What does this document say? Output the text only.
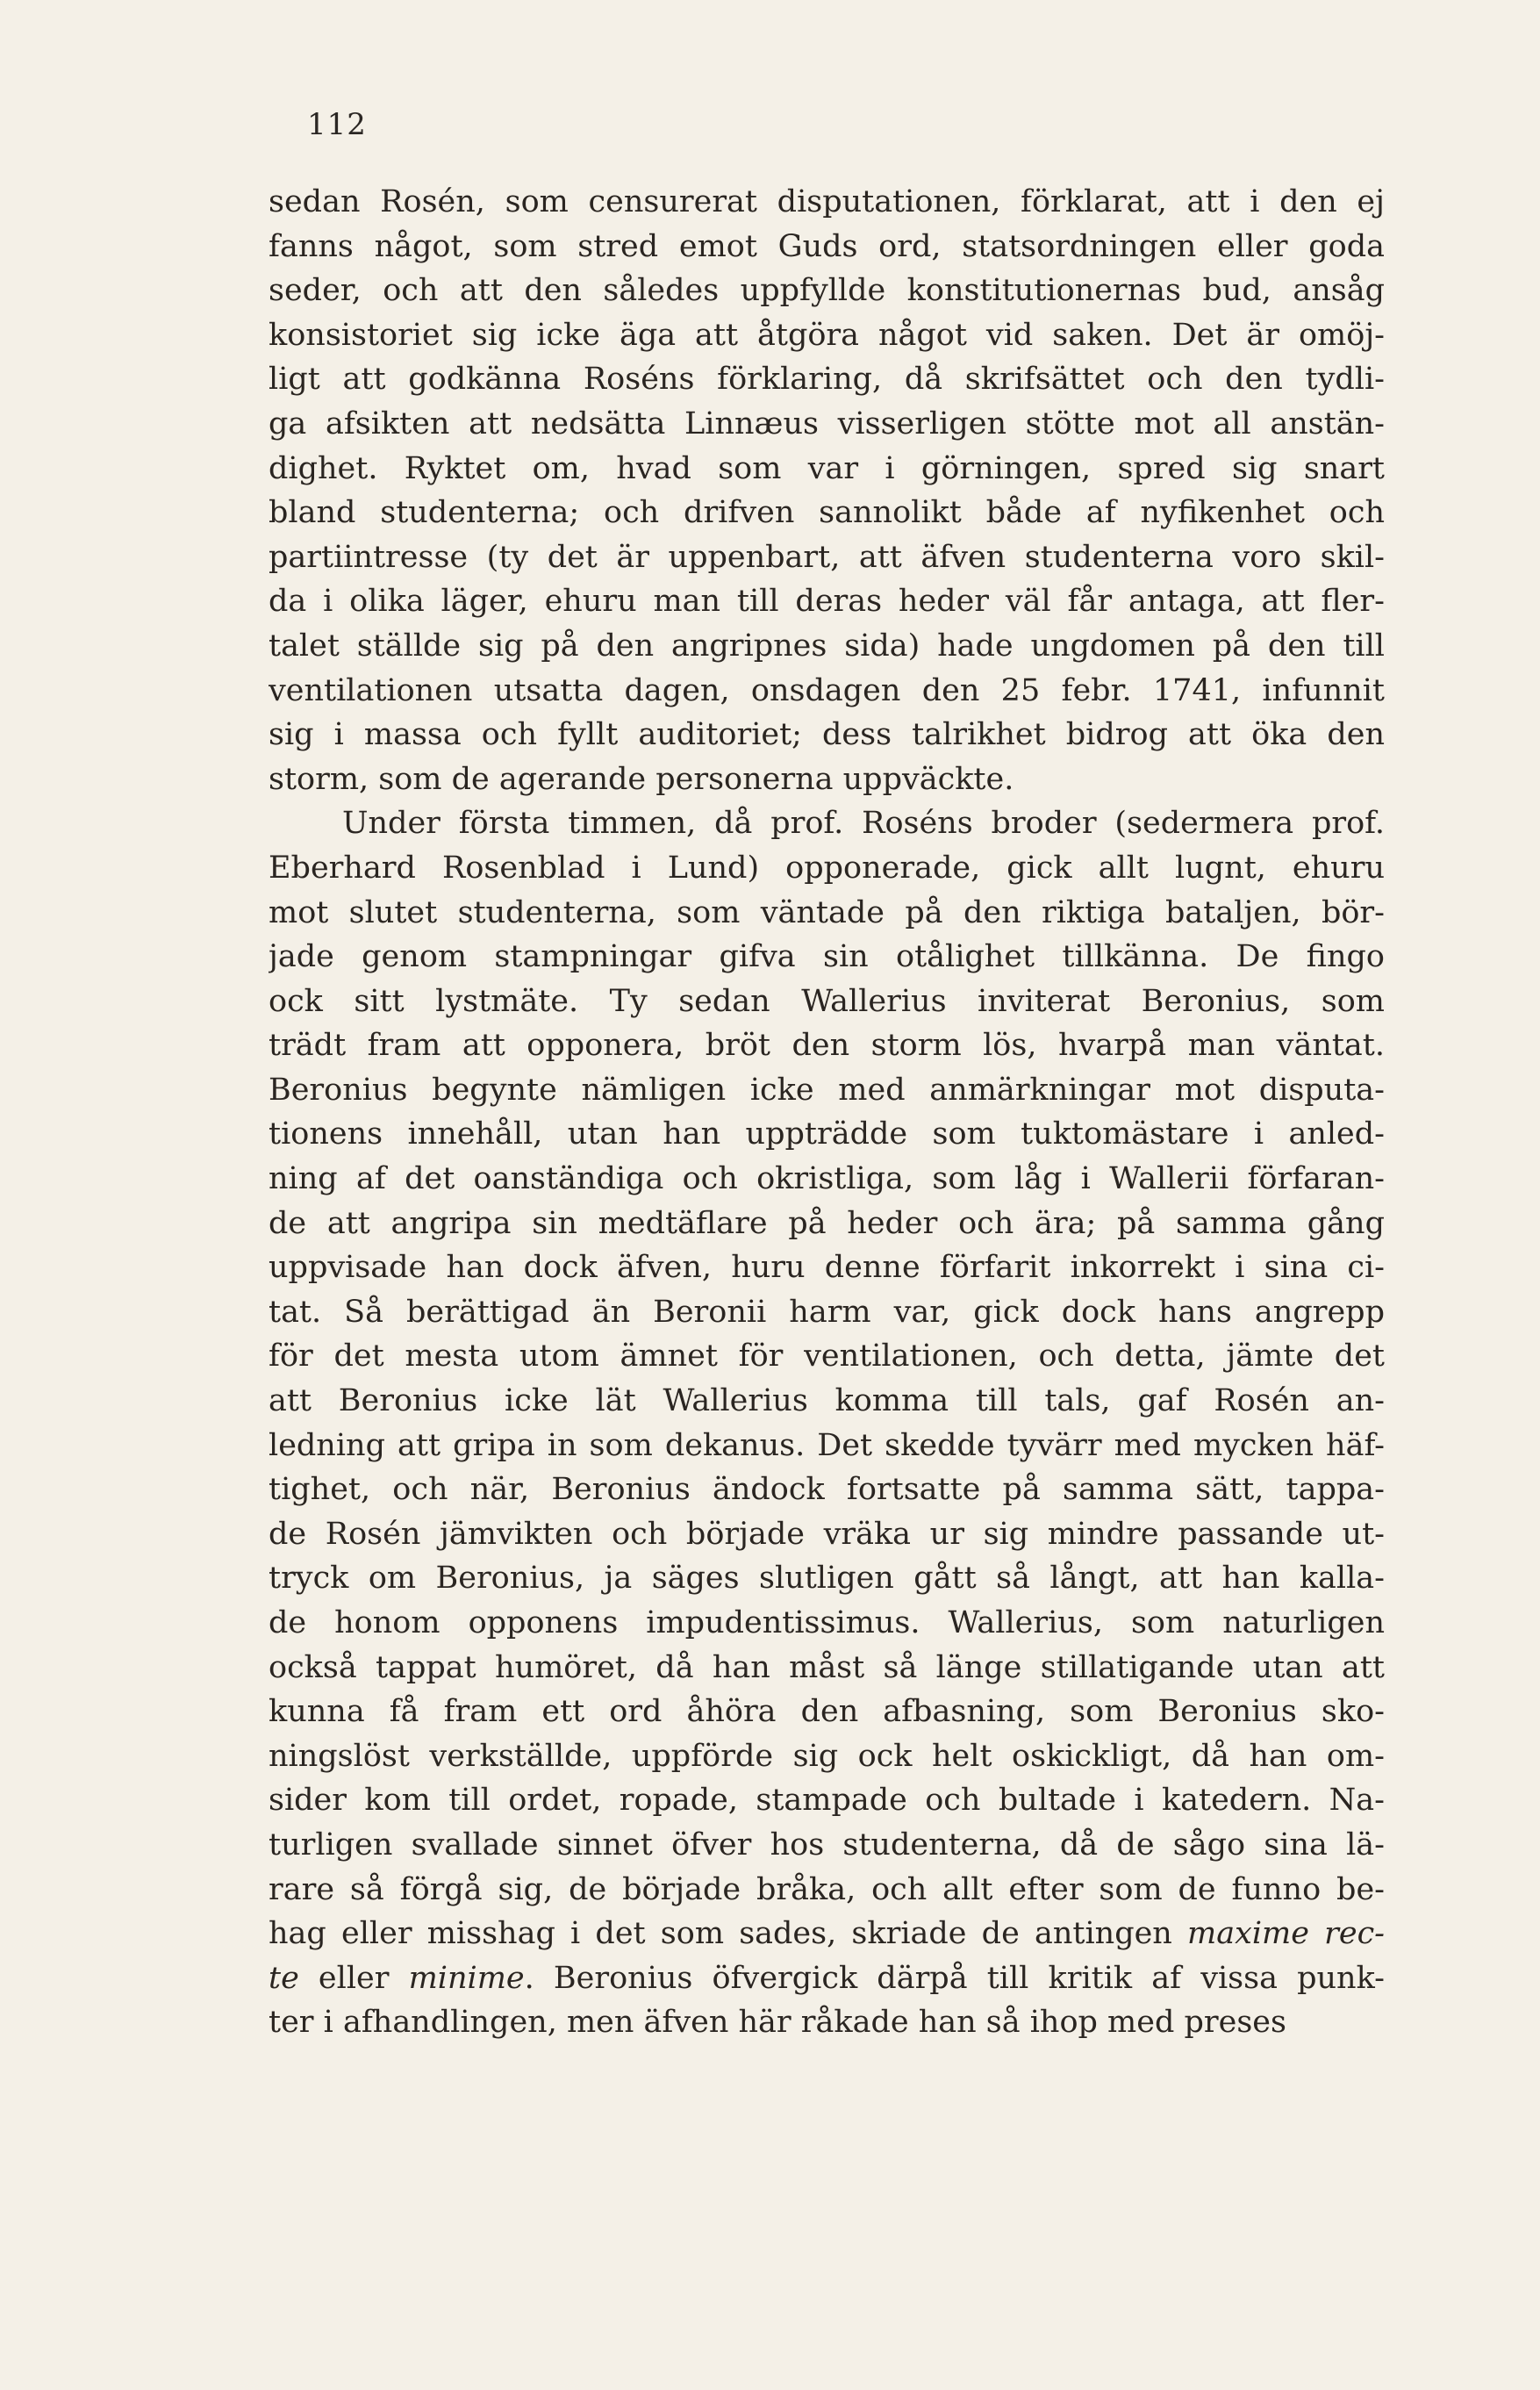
112
sedan Rosén, som censurerat disputationen, förklarat, att i den ej
fanns något, som stred emot Guds ord, statsordningen eller goda
seder, och att den således uppfyllde konstitutionernas bud, ansåg
konsistoriet sig icke äga att åtgöra något vid saken. Det är omöj-
ligt att godkänna Roséns förklaring, då skrifsättet och den tydli-
ga afsikten att nedsätta Linnæus visserligen stötte mot all anstän-
dighet. Ryktet om, hvad som var i görningen, spred sig snart
bland studenterna; och drifven sannolikt både af nyfikenhet och
partiintresse (ty det är uppenbart, att äfven studenterna voro skil-
da i olika läger, ehuru man till deras heder väl får antaga, att fler-
talet ställde sig på den angripnes sida) hade ungdomen på den till
ventilationen utsatta dagen, onsdagen den 25 febr. 1741, infunnit
sig i massa och fyllt auditoriet; dess talrikhet bidrog att öka den
storm, som de agerande personerna uppväckte.
Under första timmen, då prof. Roséns broder (sedermera prof.
Eberhard Rosenblad i Lund) opponerade, gick allt lugnt, ehuru
mot slutet studenterna, som väntade på den riktiga bataljen, bör-
jade genom stampningar gifva sin otålighet tillkänna. De fingo
ock sitt lystmäte. Ty sedan Wallerius inviterat Beronius, som
trädt fram att opponera, bröt den storm lös, hvarpå man väntat.
Beronius begynte nämligen icke med anmärkningar mot disputa-
tionens innehåll, utan han uppträdde som tuktomästare i anled-
ning af det oanständiga och okristliga, som låg i Wallerii förfaran-
de att angripa sin medtäflare på heder och ära; på samma gång
uppvisade han dock äfven, huru denne förfarit inkorrekt i sina ci-
tat. Så berättigad än Beronii harm var, gick dock hans angrepp
för det mesta utom ämnet för ventilationen, och detta, jämte det
att Beronius icke lät Wallerius komma till tals, gaf Rosén an-
ledning att gripa in som dekanus. Det skedde tyvärr med mycken häf-
tighet, och när, Beronius ändock fortsatte på samma sätt, tappa-
de Rosén jämvikten och började vräka ur sig mindre passande ut-
tryck om Beronius, ja säges slutligen gått så långt, att han kalla-
de honom opponens impudentissimus. Wallerius, som naturligen
också tappat humöret, då han måst så länge stillatigande utan att
kunna få fram ett ord åhöra den afbasning, som Beronius sko-
ningslöst verkställde, uppförde sig ock helt oskickligt, då han om-
sider kom till ordet, ropade, stampade och bultade i katedern. Na-
turligen svallade sinnet öfver hos studenterna, då de sågo sina lä-
rare så förgå sig, de började bråka, och allt efter som de funno be-
hag eller misshag i det som sades, skriade de antingen maxime rec-
te eller minime. Beronius öfvergick därpå till kritik af vissa punk-
ter i afhandlingen, men äfven här råkade han så ihop med preses
